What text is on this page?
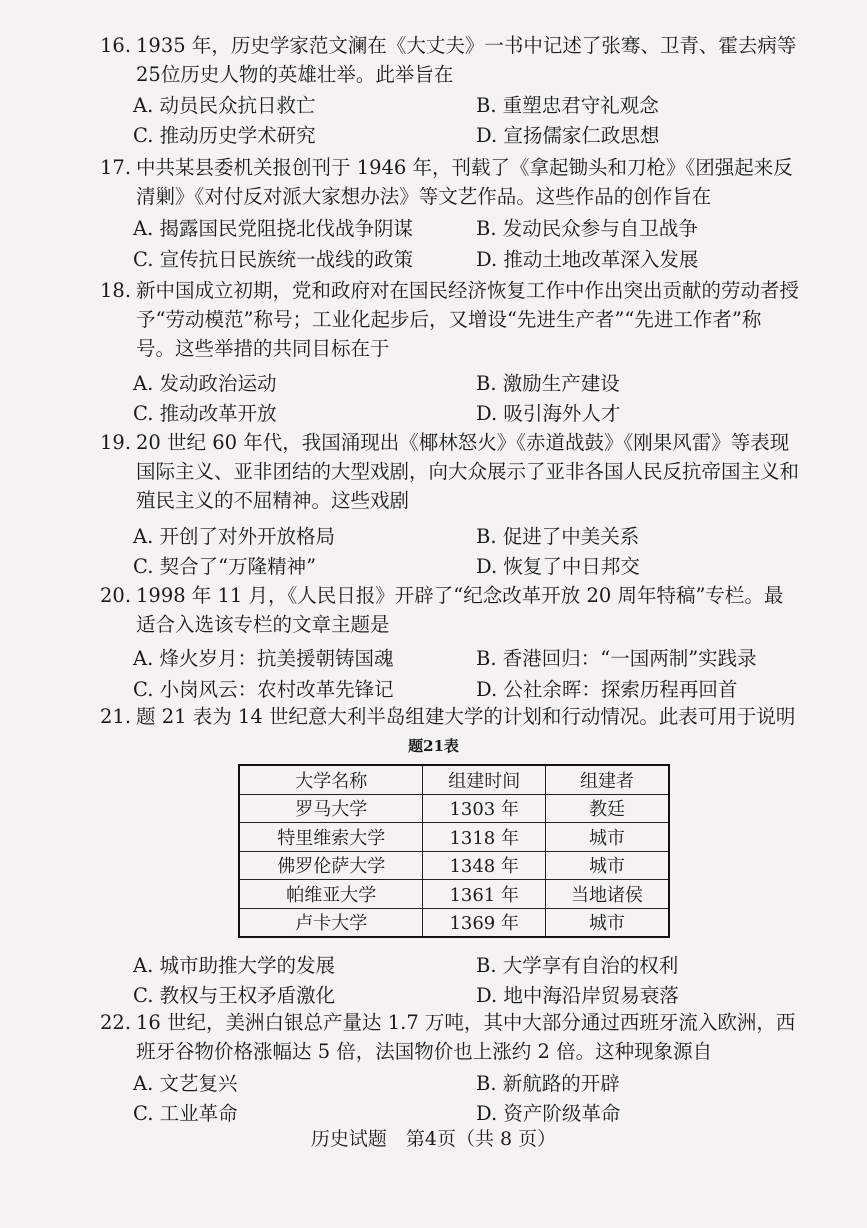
16. 1935 年，历史学家范文澜在《大丈夫》一书中记述了张骞、卫青、霍去病等25位历史人物的英雄壮举。此举旨在
A. 动员民众抗日救亡	B. 重塑忠君守礼观念
C. 推动历史学术研究	D. 宣扬儒家仁政思想
17. 中共某县委机关报创刊于 1946 年，刊载了《拿起锄头和刀枪》《团强起来反清剿》《对付反对派大家想办法》等文艺作品。这些作品的创作旨在
A. 揭露国民党阻挠北伐战争阴谋	B. 发动民众参与自卫战争
C. 宣传抗日民族统一战线的政策	D. 推动土地改革深入发展
18. 新中国成立初期，党和政府对在国民经济恢复工作中作出突出贡献的劳动者授予“劳动模范”称号；工业化起步后，又增设“先进生产者”“先进工作者”称号。这些举措的共同目标在于
A. 发动政治运动	B. 激励生产建设
C. 推动改革开放	D. 吸引海外人才
19. 20 世纪 60 年代，我国涌现出《椰林怒火》《赤道战鼓》《刚果风雷》等表现国际主义、亚非团结的大型戏剧，向大众展示了亚非各国人民反抗帝国主义和殖民主义的不屈精神。这些戏剧
A. 开创了对外开放格局	B. 促进了中美关系
C. 契合了“万隆精神”	D. 恢复了中日邦交
20. 1998 年 11 月，《人民日报》开辟了“纪念改革开放 20 周年特稿”专栏。最适合入选该专栏的文章主题是
A. 烽火岁月：抗美援朝铸国魂	B. 香港回归：“一国两制”实践录
C. 小岗风云：农村改革先锋记	D. 公社余晖：探索历程再回首
21. 题 21 表为 14 世纪意大利半岛组建大学的计划和行动情况。此表可用于说明
题21表
大学名称	组建时间	组建者
罗马大学	1303 年	教廷
特里维索大学	1318 年	城市
佛罗伦萨大学	1348 年	城市
帕维亚大学	1361 年	当地诸侯
卢卡大学	1369 年	城市
A. 城市助推大学的发展	B. 大学享有自治的权利
C. 教权与王权矛盾激化	D. 地中海沿岸贸易衰落
22. 16 世纪，美洲白银总产量达 1.7 万吨，其中大部分通过西班牙流入欧洲，西班牙谷物价格涨幅达 5 倍，法国物价也上涨约 2 倍。这种现象源自
A. 文艺复兴	B. 新航路的开辟
C. 工业革命	D. 资产阶级革命
历史试题　第4页（共 8 页）
